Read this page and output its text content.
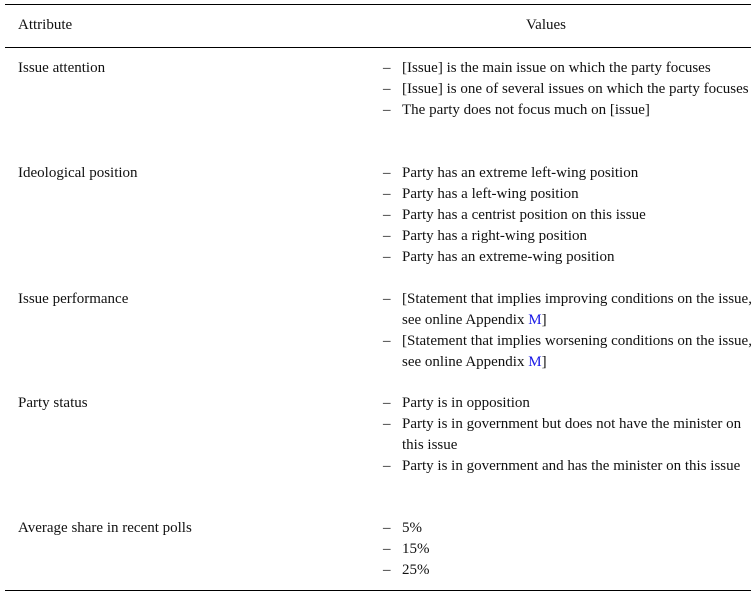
Attribute	Values
Issue attention	– [Issue] is the main issue on which the party focuses
– [Issue] is one of several issues on which the party focuses
– The party does not focus much on [issue]
Ideological position	– Party has an extreme left-wing position
– Party has a left-wing position
– Party has a centrist position on this issue
– Party has a right-wing position
– Party has an extreme-wing position
Issue performance	– [Statement that implies improving conditions on the issue, see online Appendix M]
– [Statement that implies worsening conditions on the issue, see online Appendix M]
Party status	– Party is in opposition
– Party is in government but does not have the minister on this issue
– Party is in government and has the minister on this issue
Average share in recent polls	– 5%
– 15%
– 25%
